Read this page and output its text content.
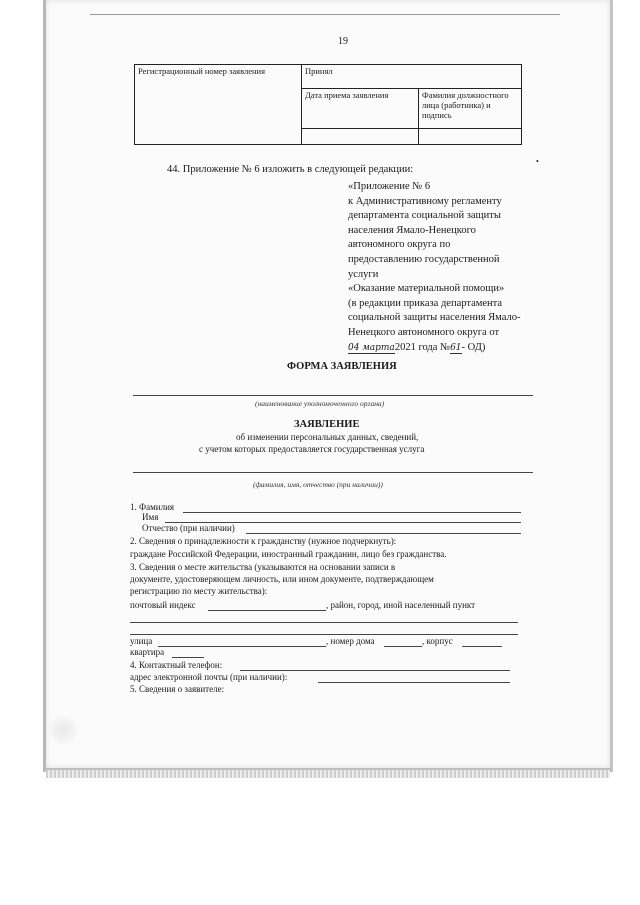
19
•
Регистрационный номер заявления	Принял	
	Дата приема заявления	Фамилия должностного лица (работника) и подпись

44. Приложение № 6 изложить в следующей редакции:
«Приложение № 6
к Административному регламенту
департамента социальной защиты
населения Ямало-Ненецкого
автономного округа по
предоставлению государственной
услуги
«Оказание материальной помощи»
(в редакции приказа департамента
социальной защиты населения Ямало-
Ненецкого автономного округа от
04 марта2021 года №61- ОД)
ФОРМА ЗАЯВЛЕНИЯ
(наименование уполномоченного органа)
ЗАЯВЛЕНИЕ
об изменении персональных данных, сведений,
с учетом которых предоставляется государственная услуга
(фамилия, имя, отчество (при наличии))
1. Фамилия
Имя
Отчество (при наличии)
2. Сведения о принадлежности к гражданству (нужное подчеркнуть):
граждане Российской Федерации, иностранный гражданин, лицо без гражданства.
3. Сведения о месте жительства (указываются на основании записи в
документе, удостоверяющем личность, или ином документе, подтверждающем
регистрацию по месту жительства):
почтовый индекс	, район, город, иной населенный пункт
улица	, номер дома	, корпус
квартира
4. Контактный телефон:
адрес электронной почты (при наличии):
5. Сведения о заявителе:
